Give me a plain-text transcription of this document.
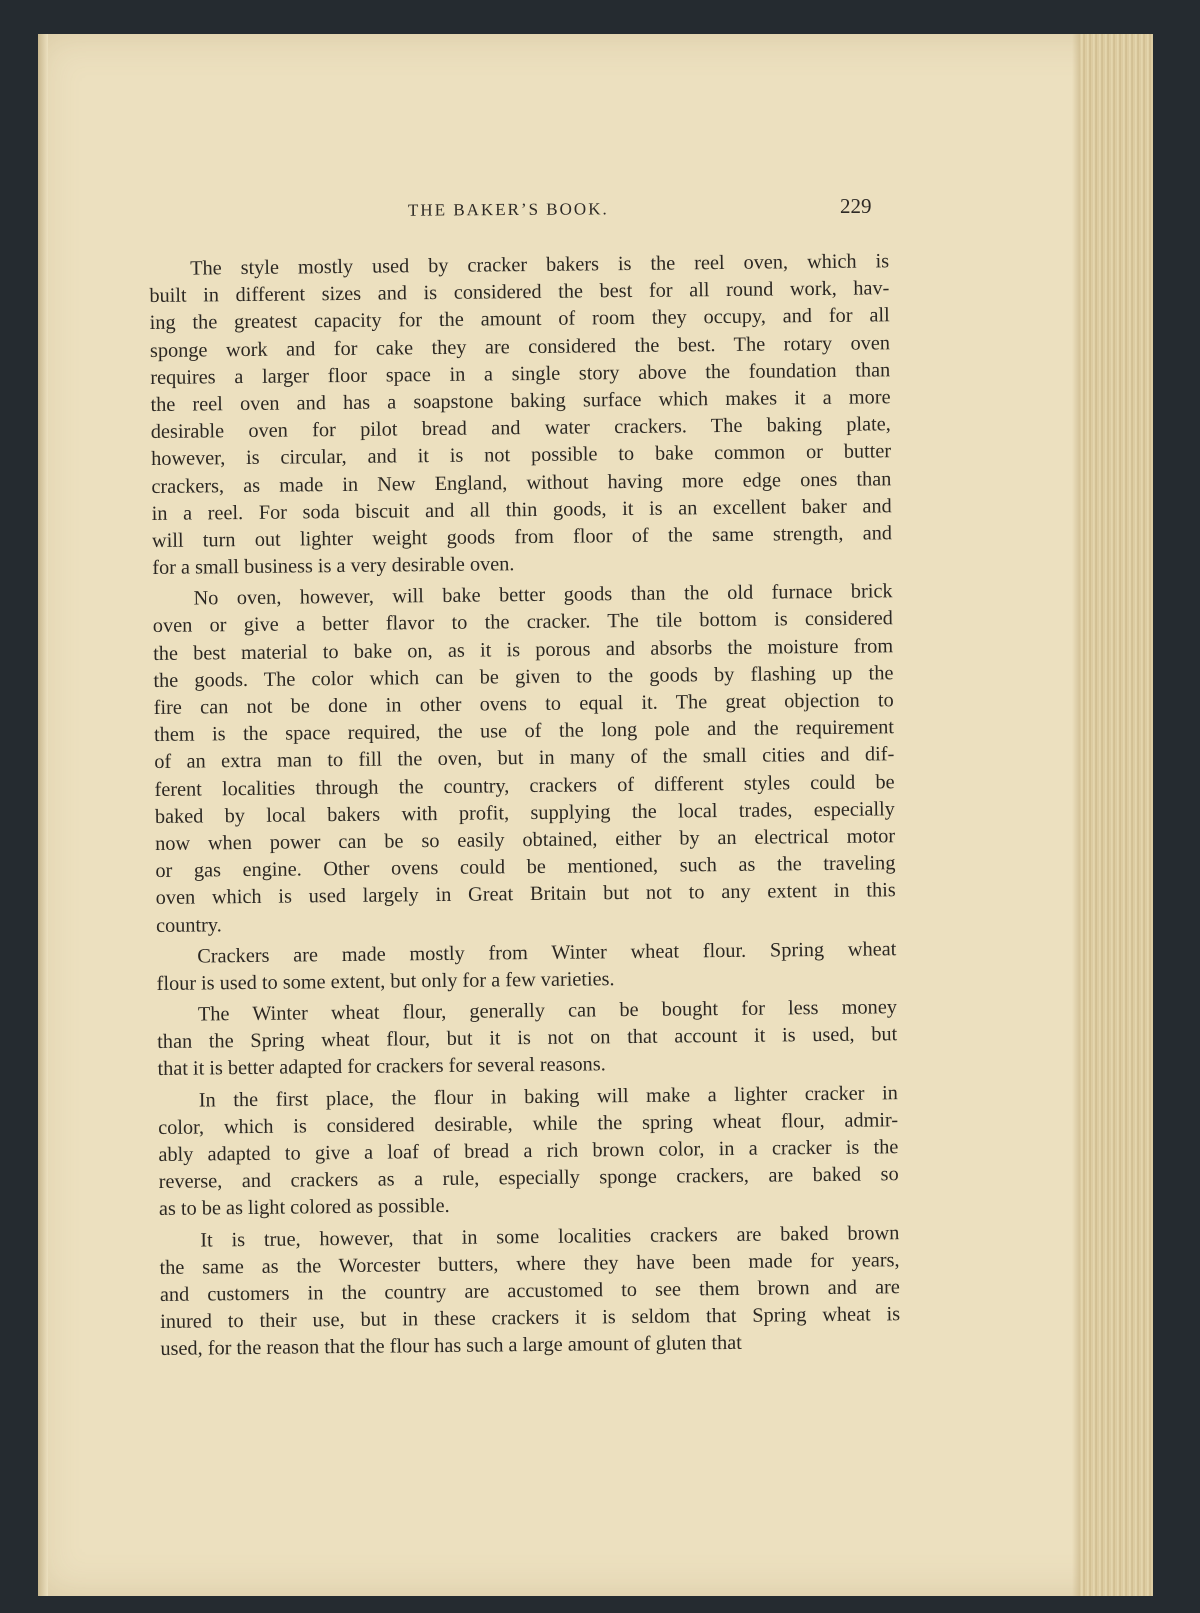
THE BAKER’S BOOK.	229
The style mostly used by cracker bakers is the reel oven, which is
built in different sizes and is considered the best for all round work, hav-
ing the greatest capacity for the amount of room they occupy, and for all
sponge work and for cake they are considered the best. The rotary oven
requires a larger floor space in a single story above the foundation than
the reel oven and has a soapstone baking surface which makes it a more
desirable oven for pilot bread and water crackers. The baking plate,
however, is circular, and it is not possible to bake common or butter
crackers, as made in New England, without having more edge ones than
in a reel. For soda biscuit and all thin goods, it is an excellent baker and
will turn out lighter weight goods from floor of the same strength, and
for a small business is a very desirable oven.
No oven, however, will bake better goods than the old furnace brick
oven or give a better flavor to the cracker. The tile bottom is considered
the best material to bake on, as it is porous and absorbs the moisture from
the goods. The color which can be given to the goods by flashing up the
fire can not be done in other ovens to equal it. The great objection to
them is the space required, the use of the long pole and the requirement
of an extra man to fill the oven, but in many of the small cities and dif-
ferent localities through the country, crackers of different styles could be
baked by local bakers with profit, supplying the local trades, especially
now when power can be so easily obtained, either by an electrical motor
or gas engine. Other ovens could be mentioned, such as the traveling
oven which is used largely in Great Britain but not to any extent in this
country.
Crackers are made mostly from Winter wheat flour. Spring wheat
flour is used to some extent, but only for a few varieties.
The Winter wheat flour, generally can be bought for less money
than the Spring wheat flour, but it is not on that account it is used, but
that it is better adapted for crackers for several reasons.
In the first place, the flour in baking will make a lighter cracker in
color, which is considered desirable, while the spring wheat flour, admir-
ably adapted to give a loaf of bread a rich brown color, in a cracker is the
reverse, and crackers as a rule, especially sponge crackers, are baked so
as to be as light colored as possible.
It is true, however, that in some localities crackers are baked brown
the same as the Worcester butters, where they have been made for years,
and customers in the country are accustomed to see them brown and are
inured to their use, but in these crackers it is seldom that Spring wheat is
used, for the reason that the flour has such a large amount of gluten that
